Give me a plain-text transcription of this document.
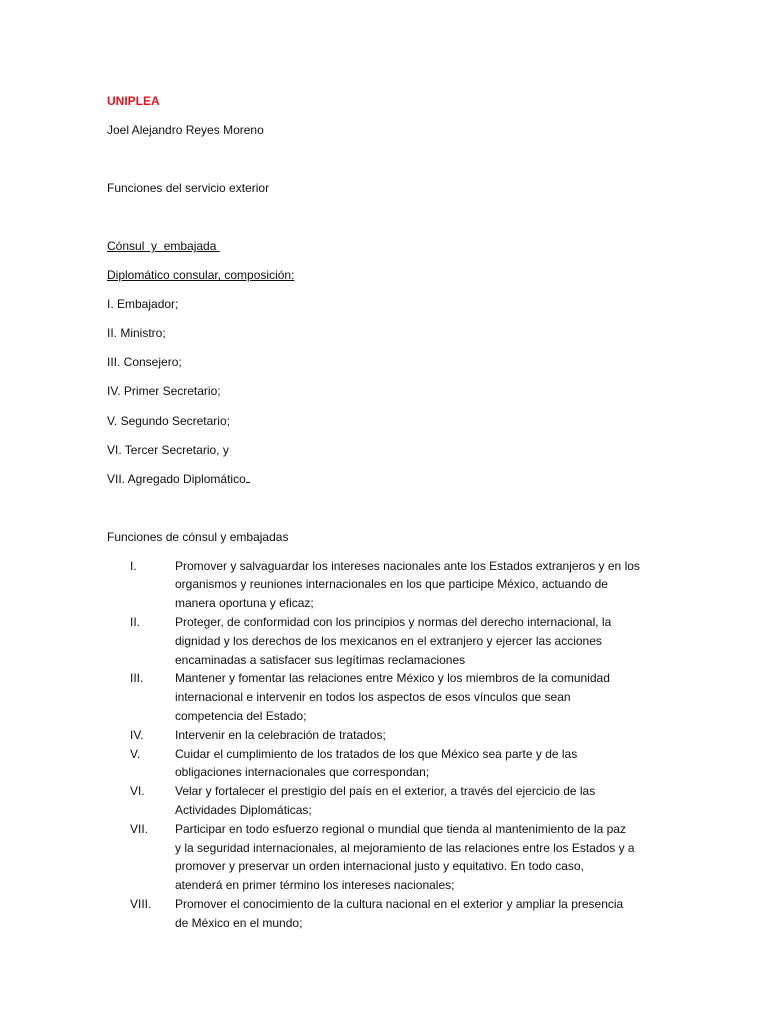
UNIPLEA
Joel Alejandro Reyes Moreno
Funciones del servicio exterior
Cónsul  y  embajada
Diplomático consular, composición:
I. Embajador;
II. Ministro;
III. Consejero;
IV. Primer Secretario;
V. Segundo Secretario;
VI. Tercer Secretario, y
VII. Agregado Diplomático
Funciones de cónsul y embajadas
I.	Promover y salvaguardar los intereses nacionales ante los Estados extranjeros y en los
organismos y reuniones internacionales en los que participe México, actuando de
manera oportuna y eficaz;
II.	Proteger, de conformidad con los principios y normas del derecho internacional, la
dignidad y los derechos de los mexicanos en el extranjero y ejercer las acciones
encaminadas a satisfacer sus legítimas reclamaciones
III.	Mantener y fomentar las relaciones entre México y los miembros de la comunidad
internacional e intervenir en todos los aspectos de esos vínculos que sean
competencia del Estado;
IV.	Intervenir en la celebración de tratados;
V.	Cuidar el cumplimiento de los tratados de los que México sea parte y de las
obligaciones internacionales que correspondan;
VI.	Velar y fortalecer el prestigio del país en el exterior, a través del ejercicio de las
Actividades Diplomáticas;
VII. Participar en todo esfuerzo regional o mundial que tienda al mantenimiento de la paz
y la seguridad internacionales, al mejoramiento de las relaciones entre los Estados y a
promover y preservar un orden internacional justo y equitativo. En todo caso,
atenderá en primer término los intereses nacionales;
VIII. Promover el conocimiento de la cultura nacional en el exterior y ampliar la presencia
de México en el mundo;
